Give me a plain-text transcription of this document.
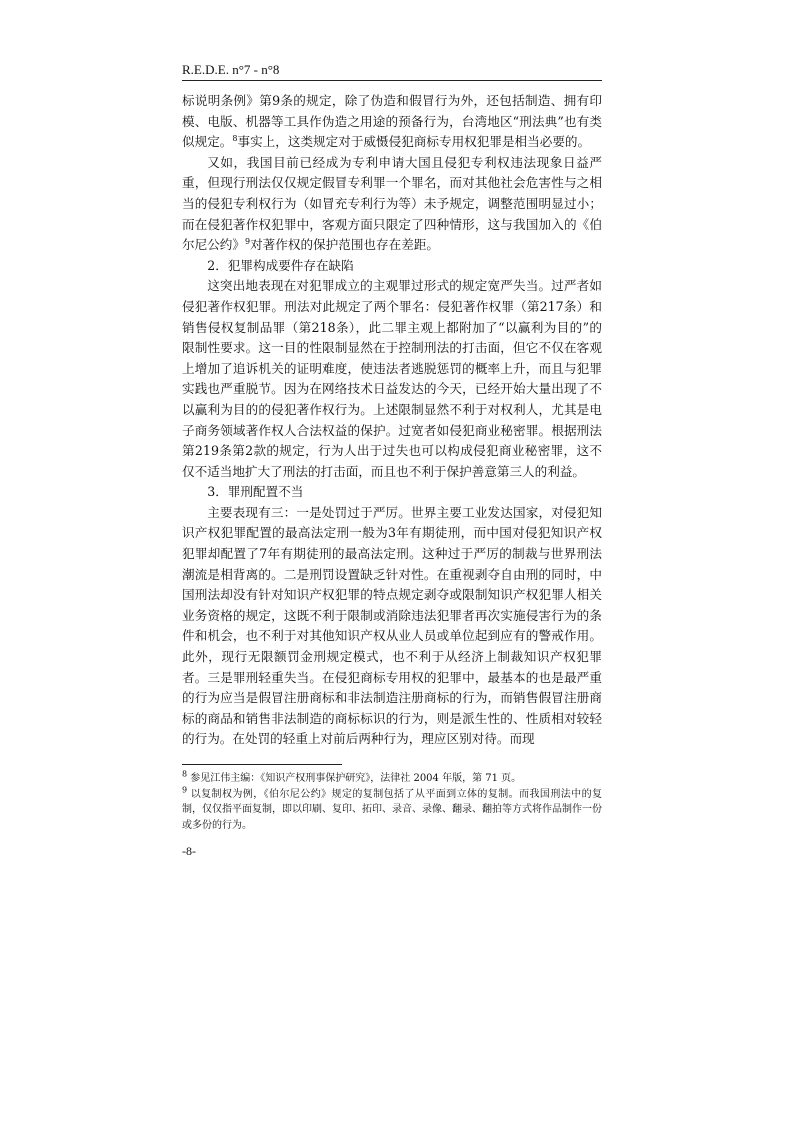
R.E.D.E. n°7 - n°8

标说明条例》第9条的规定，除了伪造和假冒行为外，还包括制造、拥有印模、电版、机器等工具作伪造之用途的预备行为，台湾地区“刑法典”也有类似规定。$^8$事实上，这类规定对于威慑侵犯商标专用权犯罪是相当必要的。

又如，我国目前已经成为专利申请大国且侵犯专利权违法现象日益严重，但现行刑法仅仅规定假冒专利罪一个罪名，而对其他社会危害性与之相当的侵犯专利权行为（如冒充专利行为等）未予规定，调整范围明显过小；而在侵犯著作权犯罪中，客观方面只限定了四种情形，这与我国加入的《伯尔尼公约》$^9$对著作权的保护范围也存在差距。

2．犯罪构成要件存在缺陷

这突出地表现在对犯罪成立的主观罪过形式的规定宽严失当。过严者如侵犯著作权犯罪。刑法对此规定了两个罪名：侵犯著作权罪（第217条）和销售侵权复制品罪（第218条），此二罪主观上都附加了“以赢利为目的”的限制性要求。这一目的性限制显然在于控制刑法的打击面，但它不仅在客观上增加了追诉机关的证明难度，使违法者逃脱惩罚的概率上升，而且与犯罪实践也严重脱节。因为在网络技术日益发达的今天，已经开始大量出现了不以赢利为目的的侵犯著作权行为。上述限制显然不利于对权利人，尤其是电子商务领域著作权人合法权益的保护。过宽者如侵犯商业秘密罪。根据刑法第219条第2款的规定，行为人出于过失也可以构成侵犯商业秘密罪，这不仅不适当地扩大了刑法的打击面，而且也不利于保护善意第三人的利益。

3．罪刑配置不当

主要表现有三：一是处罚过于严厉。世界主要工业发达国家，对侵犯知识产权犯罪配置的最高法定刑一般为3年有期徒刑，而中国对侵犯知识产权犯罪却配置了7年有期徒刑的最高法定刑。这种过于严厉的制裁与世界刑法潮流是相背离的。二是刑罚设置缺乏针对性。在重视剥夺自由刑的同时，中国刑法却没有针对知识产权犯罪的特点规定剥夺或限制知识产权犯罪人相关业务资格的规定，这既不利于限制或消除违法犯罪者再次实施侵害行为的条件和机会，也不利于对其他知识产权从业人员或单位起到应有的警戒作用。此外，现行无限额罚金刑规定模式，也不利于从经济上制裁知识产权犯罪者。三是罪刑轻重失当。在侵犯商标专用权的犯罪中，最基本的也是最严重的行为应当是假冒注册商标和非法制造注册商标的行为，而销售假冒注册商标的商品和销售非法制造的商标标识的行为，则是派生性的、性质相对较轻的行为。在处罚的轻重上对前后两种行为，理应区别对待。而现

$^8$ 参见江伟主编：《知识产权刑事保护研究》，法律社 2004 年版，第 71 页。

$^9$ 以复制权为例，《伯尔尼公约》规定的复制包括了从平面到立体的复制。而我国刑法中的复制，仅仅指平面复制，即以印刷、复印、拓印、录音、录像、翻录、翻拍等方式将作品制作一份或多份的行为。

-8-
